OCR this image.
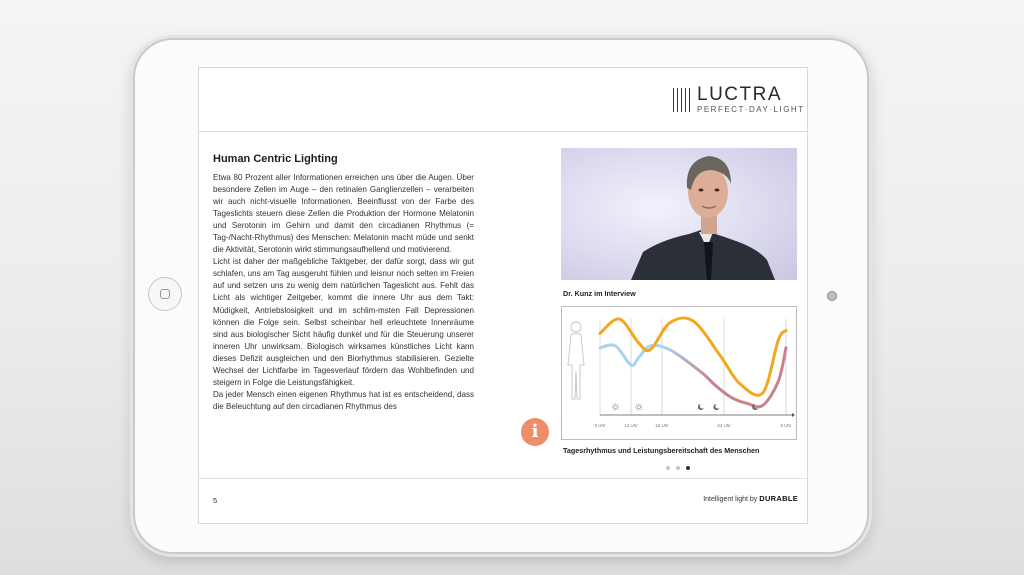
LUCTRA
PERFECT·DAY·LIGHT
Human Centric Lighting

Etwa 80 Prozent aller Informationen erreichen uns über die Augen. Über besondere Zellen im Auge – den retinalen Ganglienzellen – verarbeiten wir auch nicht-visuelle Informationen. Beeinflusst von der Farbe des Tageslichts steuern diese Zellen die Produktion der Hormone Melatonin und Serotonin im Gehirn und damit den circadianen Rhythmus (= Tag-/Nacht-Rhythmus) des Menschen: Melatonin macht müde und senkt die Aktivität, Serotonin wirkt stimmungsaufhellend und motivierend.

Licht ist daher der maßgebliche Taktgeber, der dafür sorgt, dass wir gut schlafen, uns am Tag ausgeruht fühlen und leisnur noch selten im Freien auf und setzen uns zu wenig dem natürlichen Tageslicht aus. Fehlt das Licht als wichtiger Zeitgeber, kommt die innere Uhr aus dem Takt: Müdigkeit, Antriebslosigkeit und im schlim-msten Fall Depressionen können die Folge sein. Selbst scheinbar hell erleuchtete Innenräume sind aus biologischer Sicht häufig dunkel und für die Steuerung unserer inneren Uhr unwirksam. Biologisch wirksames künstliches Licht kann dieses Defizit ausgleichen und den Biorhythmus stabilisieren. Gezielte Wechsel der Lichtfarbe im Tagesverlauf fördern das Wohlbefinden und steigern in Folge die Leistungsfähigkeit.

Da jeder Mensch einen eigenen Rhythmus hat ist es entscheidend, dass die Beleuchtung auf den circadianen Rhythmus des

Dr. Kunz im Interview
8 Uhr	12 Uhr	16 Uhr	24 Uhr	8 Uhr
Tagesrhythmus und Leistungsbereitschaft des Menschen
i
5	Intelligent light by DURABLE
